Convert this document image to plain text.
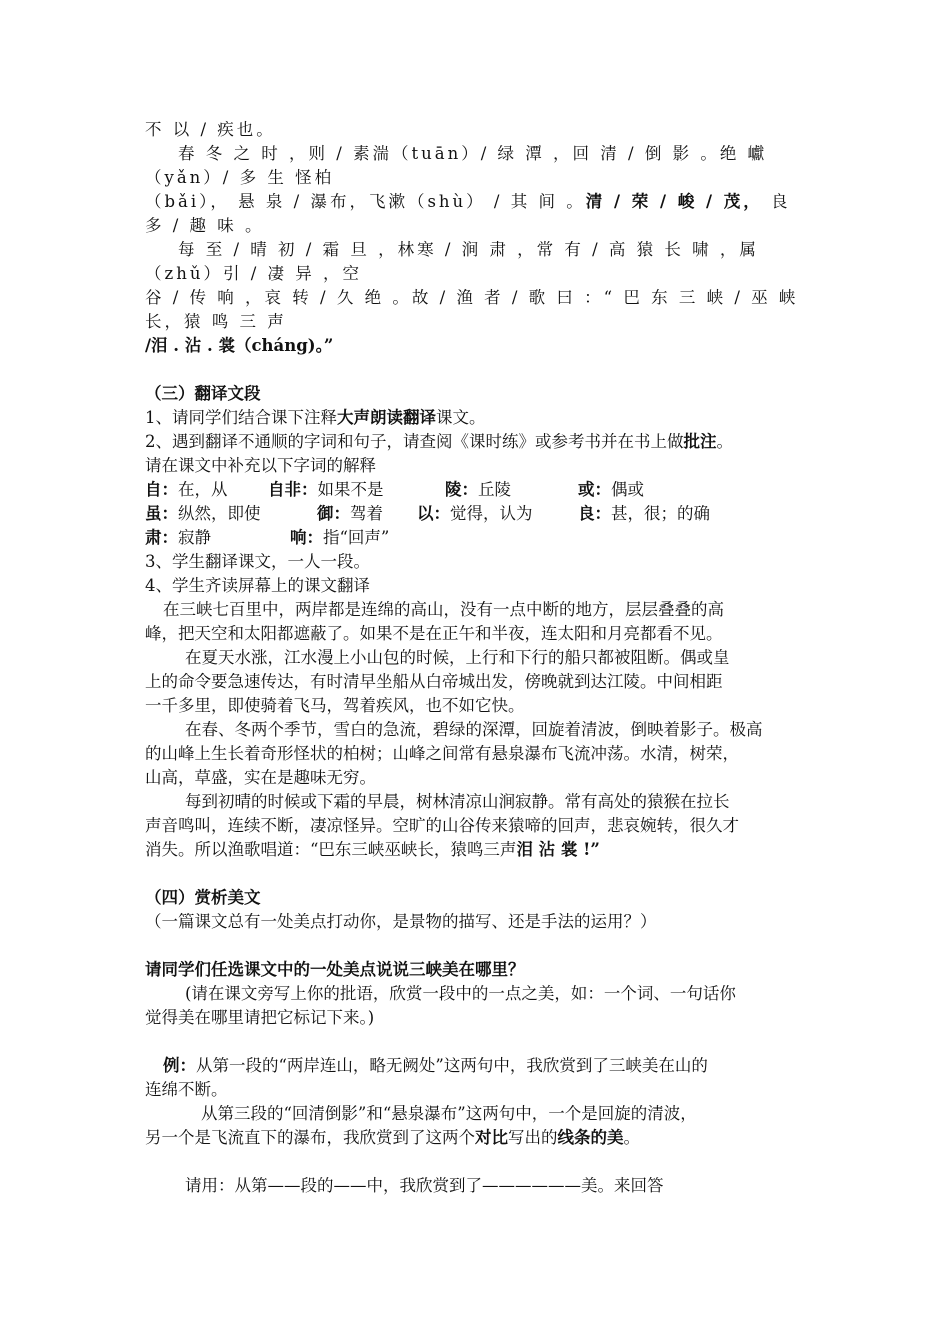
不 以 / 疾也。

春 冬 之 时 ，则 / 素湍（tuān）/ 绿 潭 ，回 清 / 倒 影 。绝 巘（yǎn）/ 多 生 怪柏

（bǎi）， 悬 泉 / 瀑布，飞漱（shù） / 其 间 。清 / 荣 / 峻 / 茂， 良 多 / 趣 味 。

每 至 / 晴 初 / 霜 旦 ，林寒 / 涧 肃 ，常 有 / 高 猿 长 啸 ，属（zhǔ）引 / 凄 异 ，空

谷 / 传 响 ，哀 转 / 久 绝 。故 / 渔 者 / 歌 曰 ：“ 巴 东 三 峡 / 巫 峡 长，猿 鸣 三 声

/泪 . 沾 . 裳（cháng)。”

（三）翻译文段

1、请同学们结合课下注释大声朗读翻译课文。

2、遇到翻译不通顺的字词和句子，请查阅《课时练》或参考书并在书上做批注。

请在课文中补充以下字词的解释

自：在，从 自非：如果不是	陵：丘陵	或：偶或

虽：纵然，即使	御：驾着 以：觉得，认为	良：甚，很；的确

肃：寂静	响：指“回声”

3、学生翻译课文，一人一段。

4、学生齐读屏幕上的课文翻译

在三峡七百里中，两岸都是连绵的高山，没有一点中断的地方，层层叠叠的高

峰，把天空和太阳都遮蔽了。如果不是在正午和半夜，连太阳和月亮都看不见。

在夏天水涨，江水漫上小山包的时候，上行和下行的船只都被阻断。偶或皇

上的命令要急速传达，有时清早坐船从白帝城出发，傍晚就到达江陵。中间相距

一千多里，即使骑着飞马，驾着疾风，也不如它快。

在春、冬两个季节，雪白的急流，碧绿的深潭，回旋着清波，倒映着影子。极高

的山峰上生长着奇形怪状的柏树；山峰之间常有悬泉瀑布飞流冲荡。水清，树荣，

山高，草盛，实在是趣味无穷。

每到初晴的时候或下霜的早晨，树林清凉山涧寂静。常有高处的猿猴在拉长

声音鸣叫，连续不断，凄凉怪异。空旷的山谷传来猿啼的回声，悲哀婉转，很久才

消失。所以渔歌唱道：“巴东三峡巫峡长，猿鸣三声泪 沾 裳 !”

（四）赏析美文

（一篇课文总有一处美点打动你，是景物的描写、还是手法的运用？）

请同学们任选课文中的一处美点说说三峡美在哪里？

(请在课文旁写上你的批语，欣赏一段中的一点之美，如：一个词、一句话你

觉得美在哪里请把它标记下来。)

例：从第一段的“两岸连山，略无阙处”这两句中，我欣赏到了三峡美在山的

连绵不断。

从第三段的“回清倒影”和“悬泉瀑布”这两句中，一个是回旋的清波，

另一个是飞流直下的瀑布，我欣赏到了这两个对比写出的线条的美。

请用：从第——段的——中，我欣赏到了——————美。来回答
